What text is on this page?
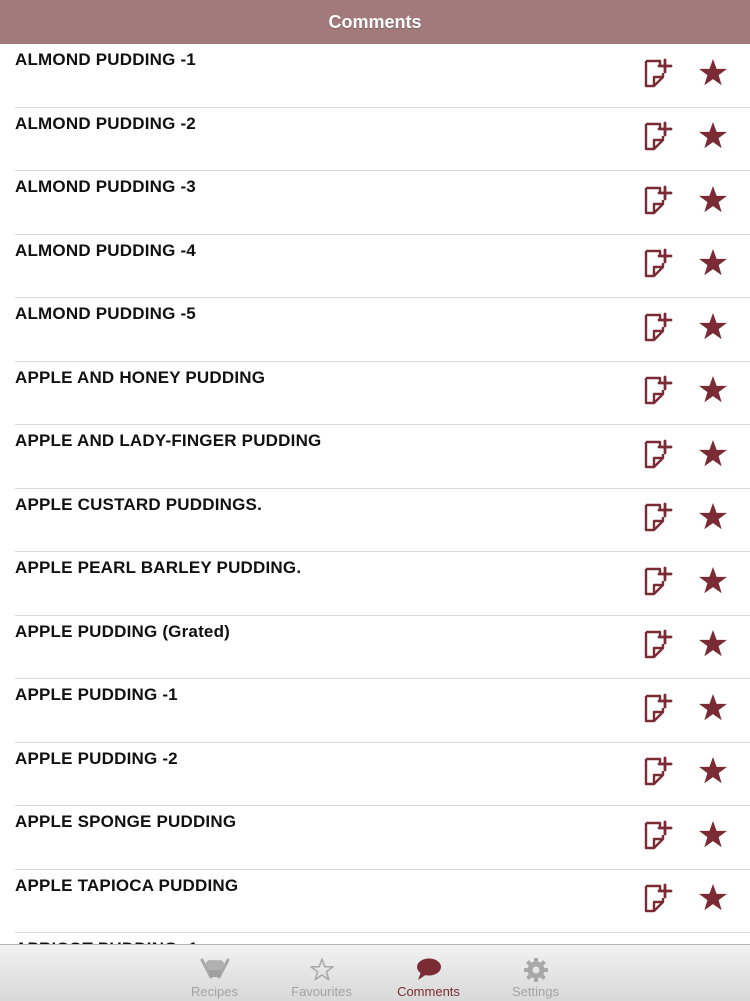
Comments
ALMOND PUDDING -1
ALMOND PUDDING -2
ALMOND PUDDING -3
ALMOND PUDDING -4
ALMOND PUDDING -5
APPLE AND HONEY PUDDING
APPLE AND LADY-FINGER PUDDING
APPLE CUSTARD PUDDINGS.
APPLE PEARL BARLEY PUDDING.
APPLE PUDDING (Grated)
APPLE PUDDING -1
APPLE PUDDING -2
APPLE SPONGE PUDDING
APPLE TAPIOCA PUDDING
Recipes	Favourites	Comments	Settings
